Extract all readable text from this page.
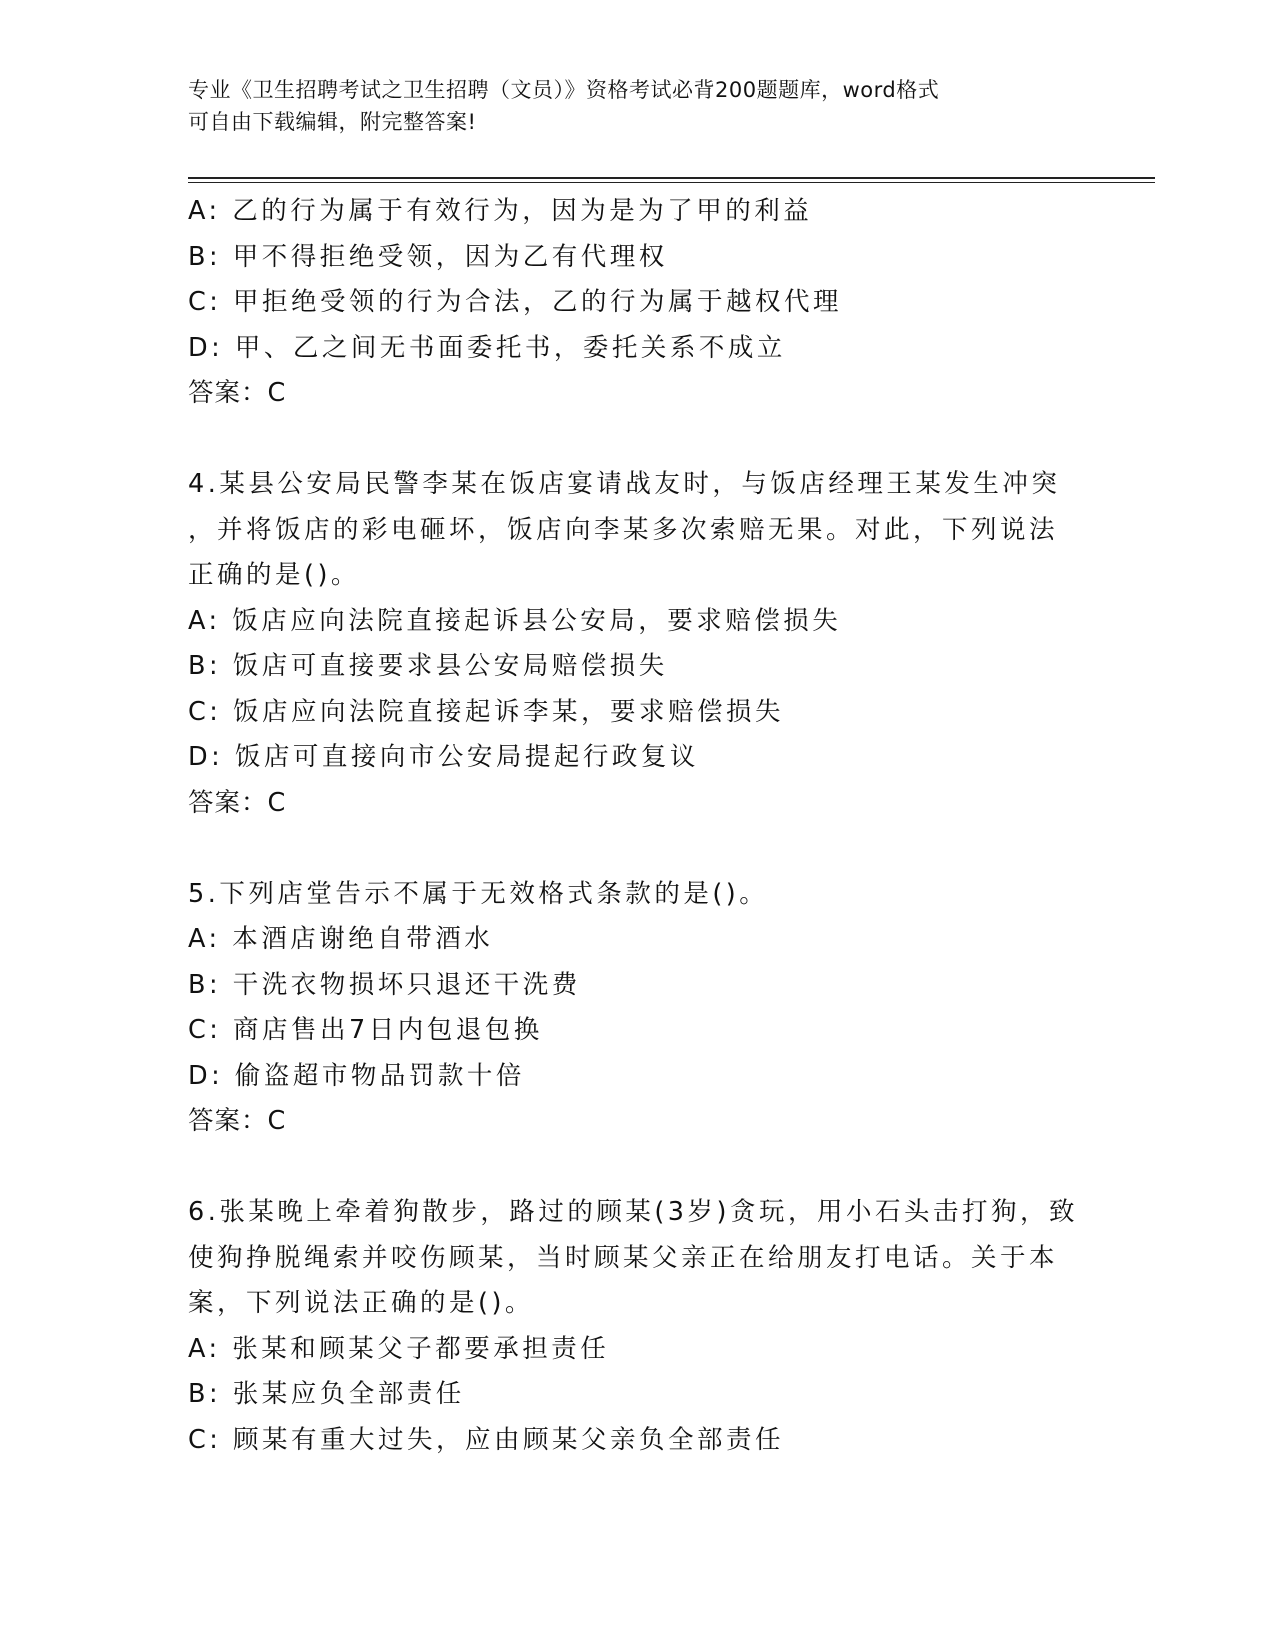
专业《卫生招聘考试之卫生招聘（文员）》资格考试必背200题题库，word格式
可自由下载编辑，附完整答案!
A: 乙的行为属于有效行为，因为是为了甲的利益
B: 甲不得拒绝受领，因为乙有代理权
C: 甲拒绝受领的行为合法，乙的行为属于越权代理
D: 甲、乙之间无书面委托书，委托关系不成立
答案：C
4.某县公安局民警李某在饭店宴请战友时，与饭店经理王某发生冲突
，并将饭店的彩电砸坏，饭店向李某多次索赔无果。对此，下列说法
正确的是()。
A: 饭店应向法院直接起诉县公安局，要求赔偿损失
B: 饭店可直接要求县公安局赔偿损失
C: 饭店应向法院直接起诉李某，要求赔偿损失
D: 饭店可直接向市公安局提起行政复议
答案：C
5.下列店堂告示不属于无效格式条款的是()。
A: 本酒店谢绝自带酒水
B: 干洗衣物损坏只退还干洗费
C: 商店售出7日内包退包换
D: 偷盗超市物品罚款十倍
答案：C
6.张某晚上牵着狗散步，路过的顾某(3岁)贪玩，用小石头击打狗，致
使狗挣脱绳索并咬伤顾某，当时顾某父亲正在给朋友打电话。关于本
案，下列说法正确的是()。
A: 张某和顾某父子都要承担责任
B: 张某应负全部责任
C: 顾某有重大过失，应由顾某父亲负全部责任
